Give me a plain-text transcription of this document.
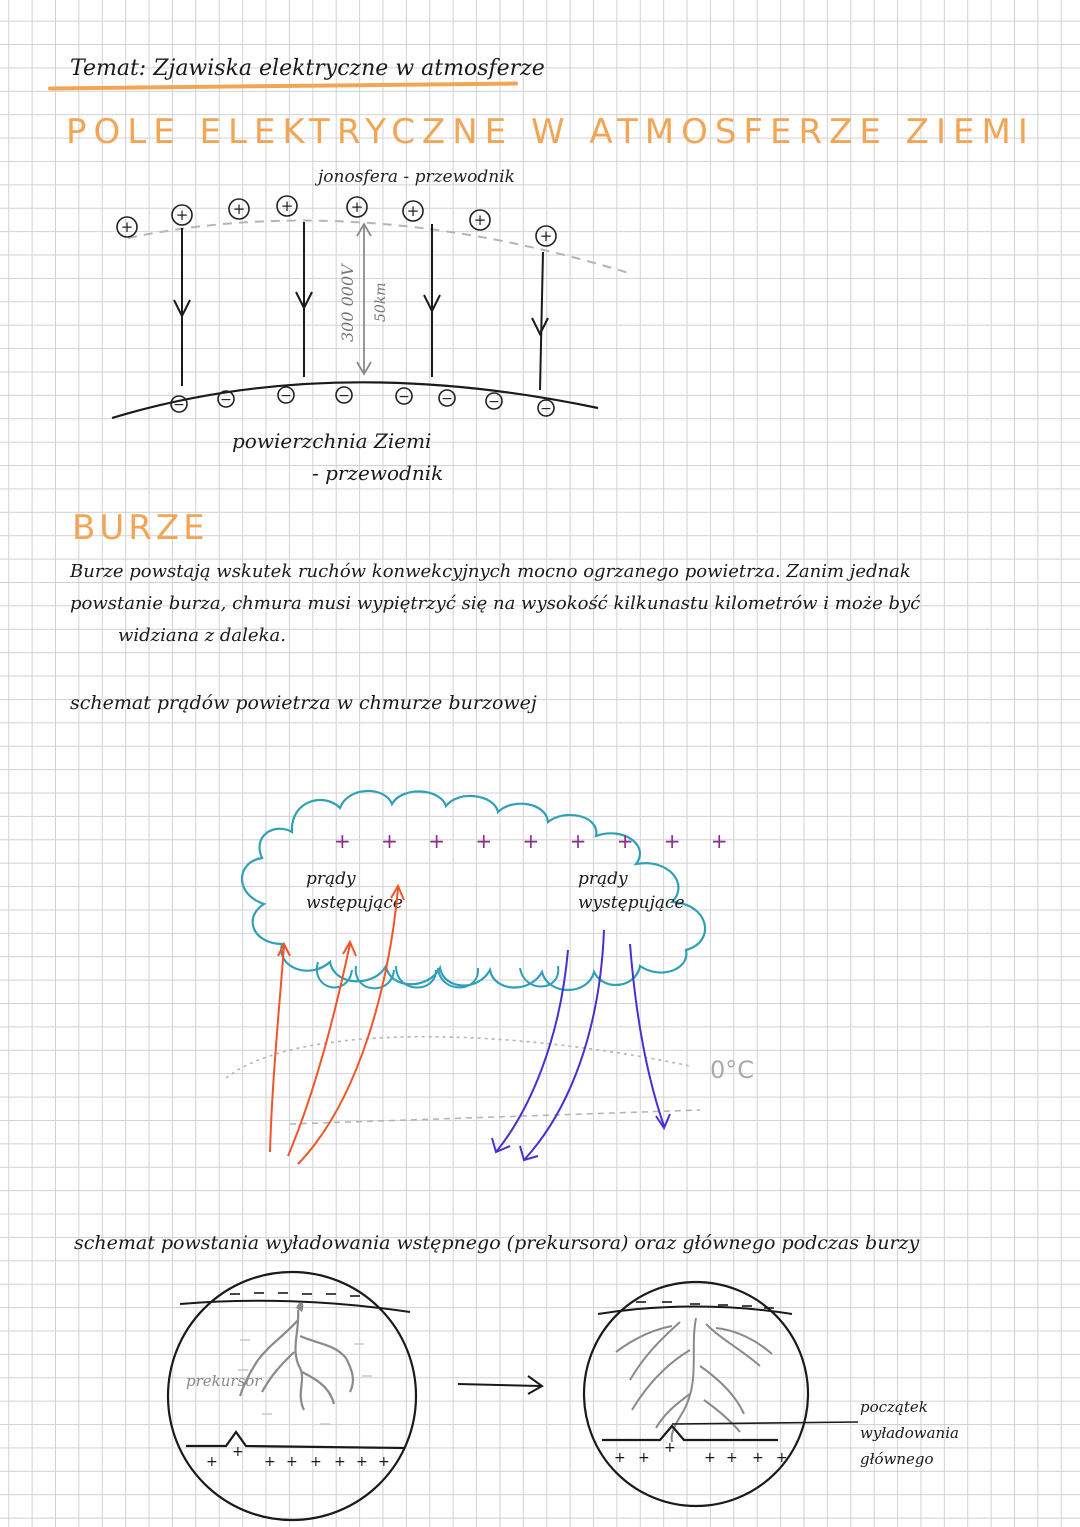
Temat: Zjawiska elektryczne w atmosferze
POLE ELEKTRYCZNE W ATMOSFERZE ZIEMI
+
+	+ +	+	+	+
+
jonosfera - przewodnik
300 000V 50km
−	−	−	−	− −	−	−
powierzchnia Ziemi
- przewodnik
BURZE
Burze powstają wskutek ruchów konwekcyjnych mocno ogrzanego powietrza. Zanim jednak
powstanie burza, chmura musi wypiętrzyć się na wysokość kilkunastu kilometrów i może być
widziana z daleka.
schemat prądów powietrza w chmurze burzowej
+ + + + + + + + +
prądy
wstępujące
prądy
występujące
0°C
schemat powstania wyładowania wstępnego (prekursora) oraz głównego podczas burzy
prekursor
+
+
+ + + + + +	+ +
+
+ + + +
początek
wyładowania
głównego
